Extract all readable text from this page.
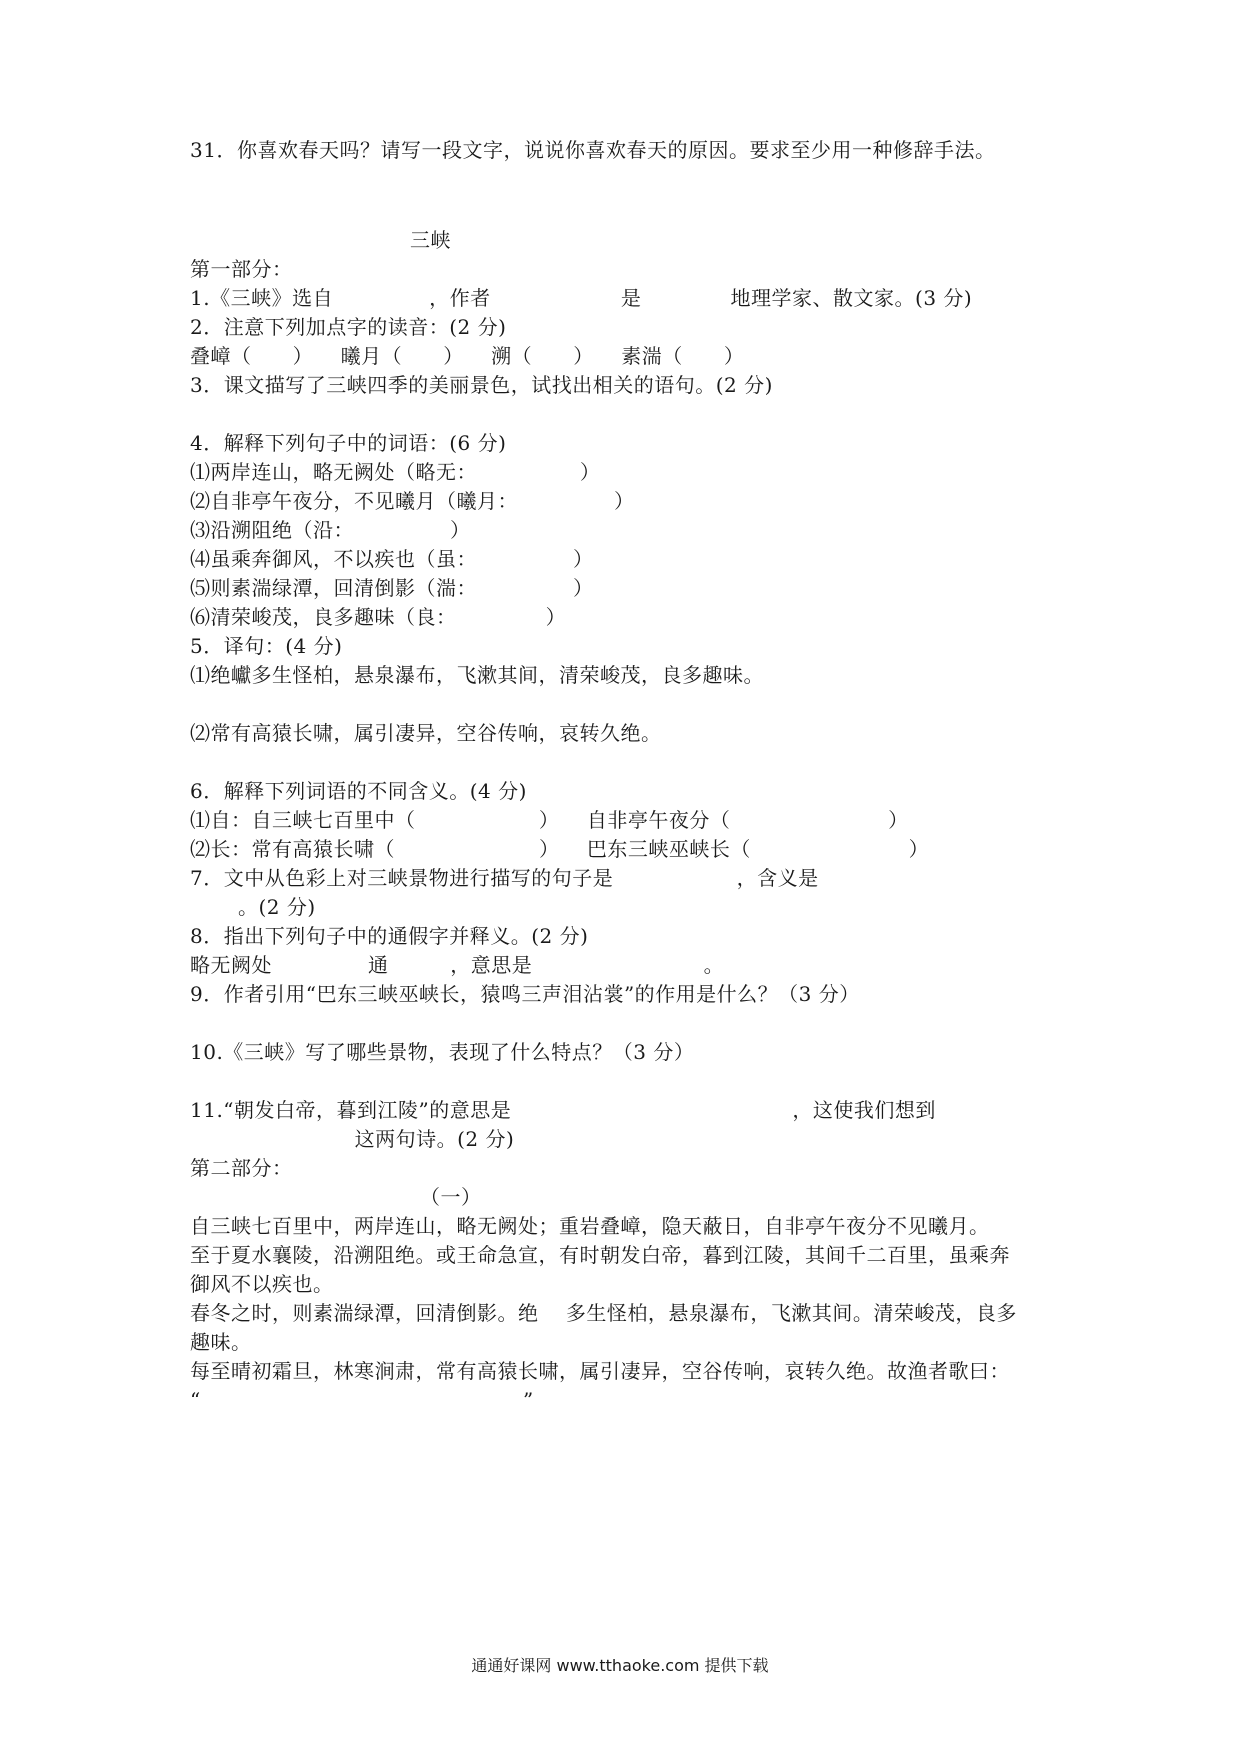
31．你喜欢春天吗？请写一段文字，说说你喜欢春天的原因。要求至少用一种修辞手法。

三峡

第一部分：

1.《三峡》选自              ，作者                   是             地理学家、散文家。(3 分)

2．注意下列加点字的读音：(2 分)

叠嶂（      ）    曦月（      ）    溯（      ）    素湍（      ）

3．课文描写了三峡四季的美丽景色，试找出相关的语句。(2 分)

4．解释下列句子中的词语：(6 分)

⑴两岸连山，略无阙处（略无：               ）

⑵自非亭午夜分，不见曦月（曦月：              ）

⑶沿溯阻绝（沿：              ）

⑷虽乘奔御风，不以疾也（虽：              ）

⑸则素湍绿潭，回清倒影（湍：              ）

⑹清荣峻茂，良多趣味（良：             ）

5．译句：(4 分)

⑴绝巘多生怪柏，悬泉瀑布，飞漱其间，清荣峻茂，良多趣味。

⑵常有高猿长啸，属引凄异，空谷传响，哀转久绝。

6．解释下列词语的不同含义。(4 分)

⑴自：自三峡七百里中（                  ）    自非亭午夜分（                       ）

⑵长：常有高猿长啸（                     ）    巴东三峡巫峡长（                       ）

7．文中从色彩上对三峡景物进行描写的句子是                  ，含义是

。(2 分)

8．指出下列句子中的通假字并释义。(2 分)

略无阙处              通         ，意思是                         。

9．作者引用“巴东三峡巫峡长，猿鸣三声泪沾裳”的作用是什么？（3 分）

10.《三峡》写了哪些景物，表现了什么特点？（3 分）

11.“朝发白帝，暮到江陵”的意思是                                         ，这使我们想到

这两句诗。(2 分)

第二部分：

（一）

自三峡七百里中，两岸连山，略无阙处；重岩叠嶂，隐天蔽日，自非亭午夜分不见曦月。

至于夏水襄陵，沿溯阻绝。或王命急宣，有时朝发白帝，暮到江陵，其间千二百里，虽乘奔

御风不以疾也。

春冬之时，则素湍绿潭，回清倒影。绝    多生怪柏，悬泉瀑布，飞漱其间。清荣峻茂，良多

趣味。

每至晴初霜旦，林寒涧肃，常有高猿长啸，属引凄异，空谷传响，哀转久绝。故渔者歌曰：

“                                               ”

通通好课网 www.tthaoke.com 提供下载
